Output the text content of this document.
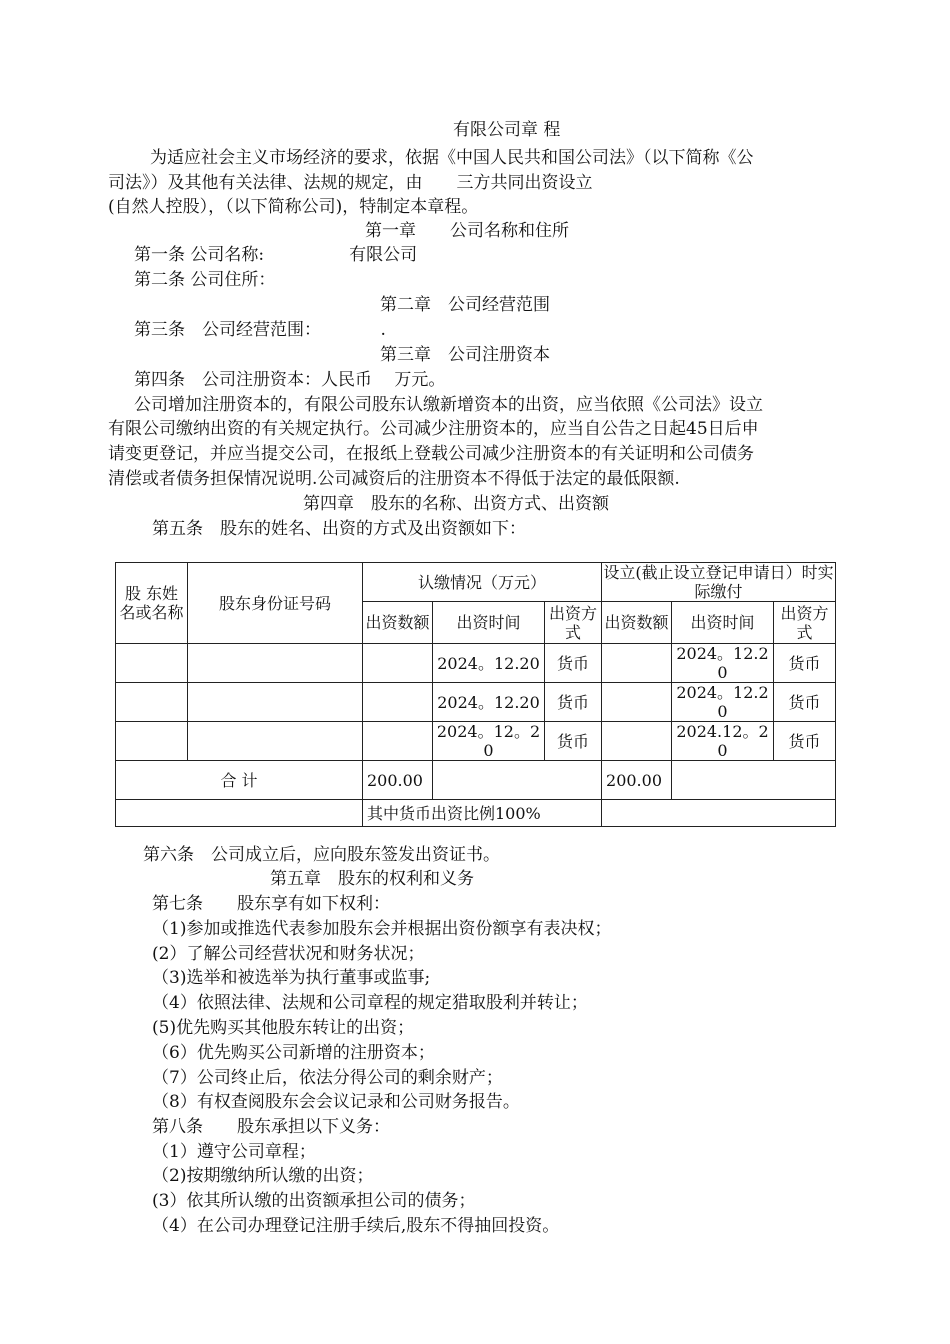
有限公司章 程
为适应社会主义市场经济的要求，依据《中国人民共和国公司法》（以下简称《公
司法》）及其他有关法律、法规的规定，由　　三方共同出资设立
(自然人控股），（以下简称公司)，特制定本章程。
第一章　　公司名称和住所
第一条 公司名称:　　　　　有限公司
第二条 公司住所：
第二章　公司经营范围
第三条　公司经营范围：　　　　.
第三章　公司注册资本
第四条　公司注册资本：人民币　 万元。
公司增加注册资本的，有限公司股东认缴新增资本的出资，应当依照《公司法》设立
有限公司缴纳出资的有关规定执行。公司减少注册资本的，应当自公告之日起45日后申
请变更登记，并应当提交公司，在报纸上登载公司减少注册资本的有关证明和公司债务
清偿或者债务担保情况说明.公司减资后的注册资本不得低于法定的最低限额.
第四章　股东的名称、出资方式、出资额
第五条　股东的姓名、出资的方式及出资额如下：
股 东姓 名或名称	股东身份证号码	认缴情况（万元）			设立(截止设立登记申请日）时实际缴付		
		出资数额	出资时间	出资方式	出资数额	出资时间	出资方式
			2024。12.20	货币		2024。12.20	货币
			2024。12.20	货币		2024。12.20	货币
			2024。12。20	货币		2024.12。20	货币
合 计		200.00			200.00		
		其中货币出资比例100%					
第六条　公司成立后，应向股东签发出资证书。
第五章　股东的权利和义务
第七条　　股东享有如下权利：
（1)参加或推选代表参加股东会并根据出资份额享有表决权；
(2）了解公司经营状况和财务状况；
（3)选举和被选举为执行董事或监事;
（4）依照法律、法规和公司章程的规定猎取股利并转让；
(5)优先购买其他股东转让的出资；
（6）优先购买公司新增的注册资本；
（7）公司终止后，依法分得公司的剩余财产；
（8）有权查阅股东会会议记录和公司财务报告。
第八条　　股东承担以下义务：
（1）遵守公司章程；
（2)按期缴纳所认缴的出资；
(3）依其所认缴的出资额承担公司的债务；
（4）在公司办理登记注册手续后,股东不得抽回投资。
